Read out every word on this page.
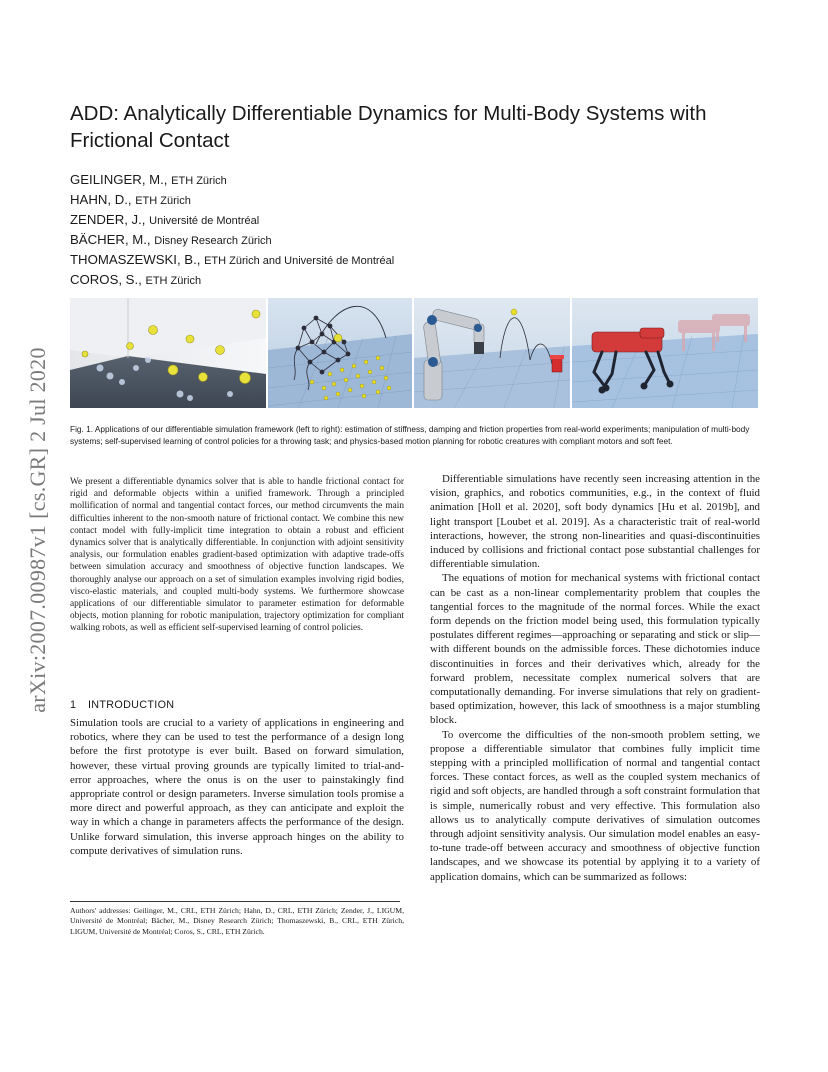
arXiv:2007.00987v1 [cs.GR] 2 Jul 2020
ADD: Analytically Differentiable Dynamics for Multi-Body Systems with Frictional Contact
GEILINGER, M., ETH Zürich
HAHN, D., ETH Zürich
ZENDER, J., Université de Montréal
BÄCHER, M., Disney Research Zürich
THOMASZEWSKI, B., ETH Zürich and Université de Montréal
COROS, S., ETH Zürich
Fig. 1. Applications of our differentiable simulation framework (left to right): estimation of stiffness, damping and friction properties from real-world experiments; manipulation of multi-body systems; self-supervised learning of control policies for a throwing task; and physics-based motion planning for robotic creatures with compliant motors and soft feet.
We present a differentiable dynamics solver that is able to handle frictional contact for rigid and deformable objects within a unified framework. Through a principled mollification of normal and tangential contact forces, our method circumvents the main difficulties inherent to the non-smooth nature of frictional contact. We combine this new contact model with fully-implicit time integration to obtain a robust and efficient dynamics solver that is analytically differentiable. In conjunction with adjoint sensitivity analysis, our formulation enables gradient-based optimization with adaptive trade-offs between simulation accuracy and smoothness of objective function landscapes. We thoroughly analyse our approach on a set of simulation examples involving rigid bodies, visco-elastic materials, and coupled multi-body systems. We furthermore showcase applications of our differentiable simulator to parameter estimation for deformable objects, motion planning for robotic manipulation, trajectory optimization for compliant walking robots, as well as efficient self-supervised learning of control policies.
1 INTRODUCTION

Simulation tools are crucial to a variety of applications in engineering and robotics, where they can be used to test the performance of a design long before the first prototype is ever built. Based on forward simulation, however, these virtual proving grounds are typically limited to trial-and-error approaches, where the onus is on the user to painstakingly find appropriate control or design parameters. Inverse simulation tools promise a more direct and powerful approach, as they can anticipate and exploit the way in which a change in parameters affects the performance of the design. Unlike forward simulation, this inverse approach hinges on the ability to compute derivatives of simulation runs.

Differentiable simulations have recently seen increasing attention in the vision, graphics, and robotics communities, e.g., in the context of fluid animation [Holl et al. 2020], soft body dynamics [Hu et al. 2019b], and light transport [Loubet et al. 2019]. As a characteristic trait of real-world interactions, however, the strong non-linearities and quasi-discontinuities induced by collisions and frictional contact pose substantial challenges for differentiable simulation.

The equations of motion for mechanical systems with frictional contact can be cast as a non-linear complementarity problem that couples the tangential forces to the magnitude of the normal forces. While the exact form depends on the friction model being used, this formulation typically postulates different regimes—approaching or separating and stick or slip—with different bounds on the admissible forces. These dichotomies induce discontinuities in forces and their derivatives which, already for the forward problem, necessitate complex numerical solvers that are computationally demanding. For inverse simulations that rely on gradient-based optimization, however, this lack of smoothness is a major stumbling block.

To overcome the difficulties of the non-smooth problem setting, we propose a differentiable simulator that combines fully implicit time stepping with a principled mollification of normal and tangential contact forces. These contact forces, as well as the coupled system mechanics of rigid and soft objects, are handled through a soft constraint formulation that is simple, numerically robust and very effective. This formulation also allows us to analytically compute derivatives of simulation outcomes through adjoint sensitivity analysis. Our simulation model enables an easy-to-tune trade-off between accuracy and smoothness of objective function landscapes, and we showcase its potential by applying it to a variety of application domains, which can be summarized as follows:

Authors' addresses: Geilinger, M., CRL, ETH Zürich; Hahn, D., CRL, ETH Zürich; Zender, J., LIGUM, Université de Montréal; Bächer, M., Disney Research Zürich; Thomaszewski, B., CRL, ETH Zürich, LIGUM, Université de Montréal; Coros, S., CRL, ETH Zürich.
